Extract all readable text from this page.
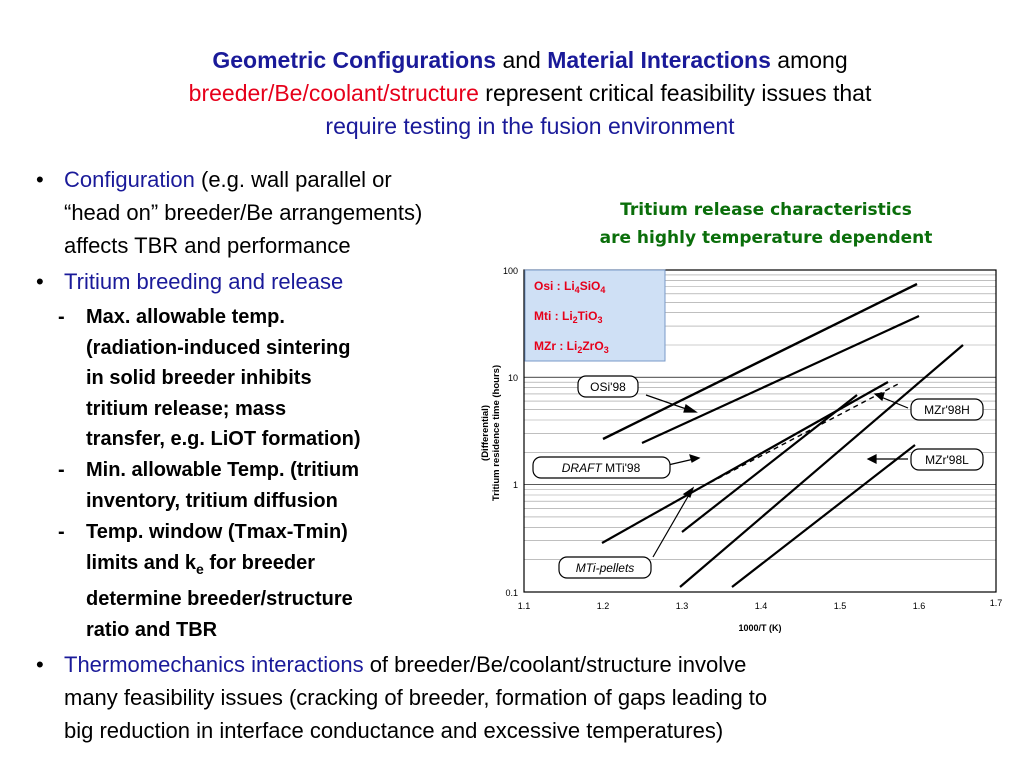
Geometric Configurations and Material Interactions among
breeder/Be/coolant/structure represent critical feasibility issues that
require testing in the fusion environment
• Configuration (e.g. wall parallel or
“head on” breeder/Be arrangements)
affects TBR and performance
• Tritium breeding and release
- Max. allowable temp.
(radiation-induced sintering
in solid breeder inhibits
tritium release; mass
transfer, e.g. LiOT formation)
- Min. allowable Temp. (tritium
inventory, tritium diffusion
- Temp. window (Tmax-Tmin)
limits and $k_e$ for breeder
determine breeder/structure
ratio and TBR
Tritium release characteristics
are highly temperature dependent
100
10
1
0.1
1.1	1.2	1.3	1.4	1.5	1.6	1.7
1000/T (K)
(Differential) Tritium residence time (hours)	OSi'98
MZr'98H
MZr'98L
DRAFT MTi'98
MTi-pellets
Osi : $Li_4SiO_4$
Mti : $Li_2TiO_3$
MZr : $Li_2ZrO_3$
• Thermomechanics interactions of breeder/Be/coolant/structure involve
many feasibility issues (cracking of breeder, formation of gaps leading to
big reduction in interface conductance and excessive temperatures)
